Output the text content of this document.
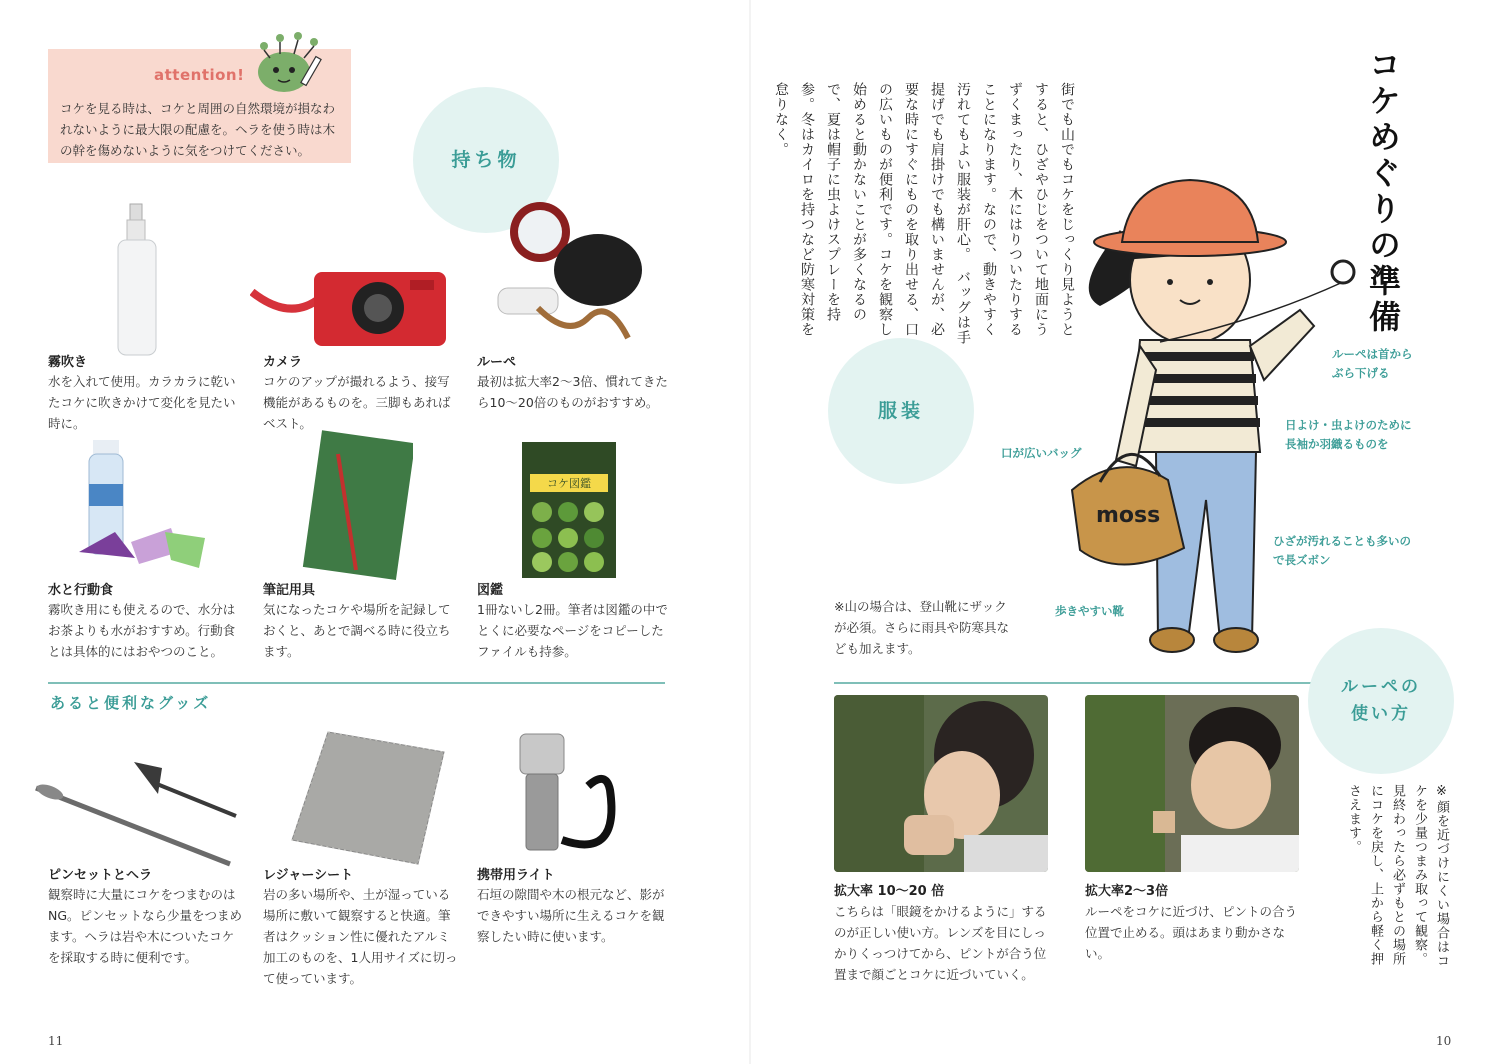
attention!
コケを見る時は、コケと周囲の自然環境が損なわれないように最大限の配慮を。ヘラを使う時は木の幹を傷めないように気をつけてください。	持ち物
霧吹き
水を入れて使用。カラカラに乾いたコケに吹きかけて変化を見たい時に。
カメラ
コケのアップが撮れるよう、接写機能があるものを。三脚もあればベスト。
ルーペ
最初は拡大率2～3倍、慣れてきたら10～20倍のものがおすすめ。
コケ図鑑
水と行動食
霧吹き用にも使えるので、水分はお茶よりも水がおすすめ。行動食とは具体的にはおやつのこと。
筆記用具
気になったコケや場所を記録しておくと、あとで調べる時に役立ちます。
図鑑
1冊ないし2冊。筆者は図鑑の中でとくに必要なページをコピーしたファイルも持参。
あると便利なグッズ
ピンセットとヘラ
観察時に大量にコケをつまむのはNG。ピンセットなら少量をつまめます。ヘラは岩や木についたコケを採取する時に便利です。
レジャーシート
岩の多い場所や、土が湿っている場所に敷いて観察すると快適。筆者はクッション性に優れたアルミ加工のものを、1人用サイズに切って使っています。
携帯用ライト
石垣の隙間や木の根元など、影ができやすい場所に生えるコケを観察したい時に使います。
11
コケめぐりの準備
街でも山でもコケをじっくり見ようとすると、ひざやひじをついて地面にうずくまったり、木にはりついたりすることになります。なので、動きやすく汚れてもよい服装が肝心。　バッグは手提げでも肩掛けでも構いませんが、必要な時にすぐにものを取り出せる、口の広いものが便利です。コケを観察し始めると動かないことが多くなるので、夏は帽子に虫よけスプレーを持参。冬はカイロを持つなど防寒対策を怠りなく。
服装
moss
ルーペは首から
ぶら下げる
日よけ・虫よけのために
長袖か羽織るものを
口が広いバッグ
ひざが汚れることも多いの
で長ズボン
歩きやすい靴
※山の場合は、登山靴にザックが必須。さらに雨具や防寒具なども加えます。
ルーペの使い方
拡大率 10～20 倍
こちらは「眼鏡をかけるように」するのが正しい使い方。レンズを目にしっかりくっつけてから、ピントが合う位置まで顔ごとコケに近づいていく。
拡大率2～3倍
ルーペをコケに近づけ、ピントの合う位置で止める。頭はあまり動かさない。	※顔を近づけにくい場合はコケを少量つまみ取って観察。見終わったら必ずもとの場所にコケを戻し、上から軽く押さえます。
10
